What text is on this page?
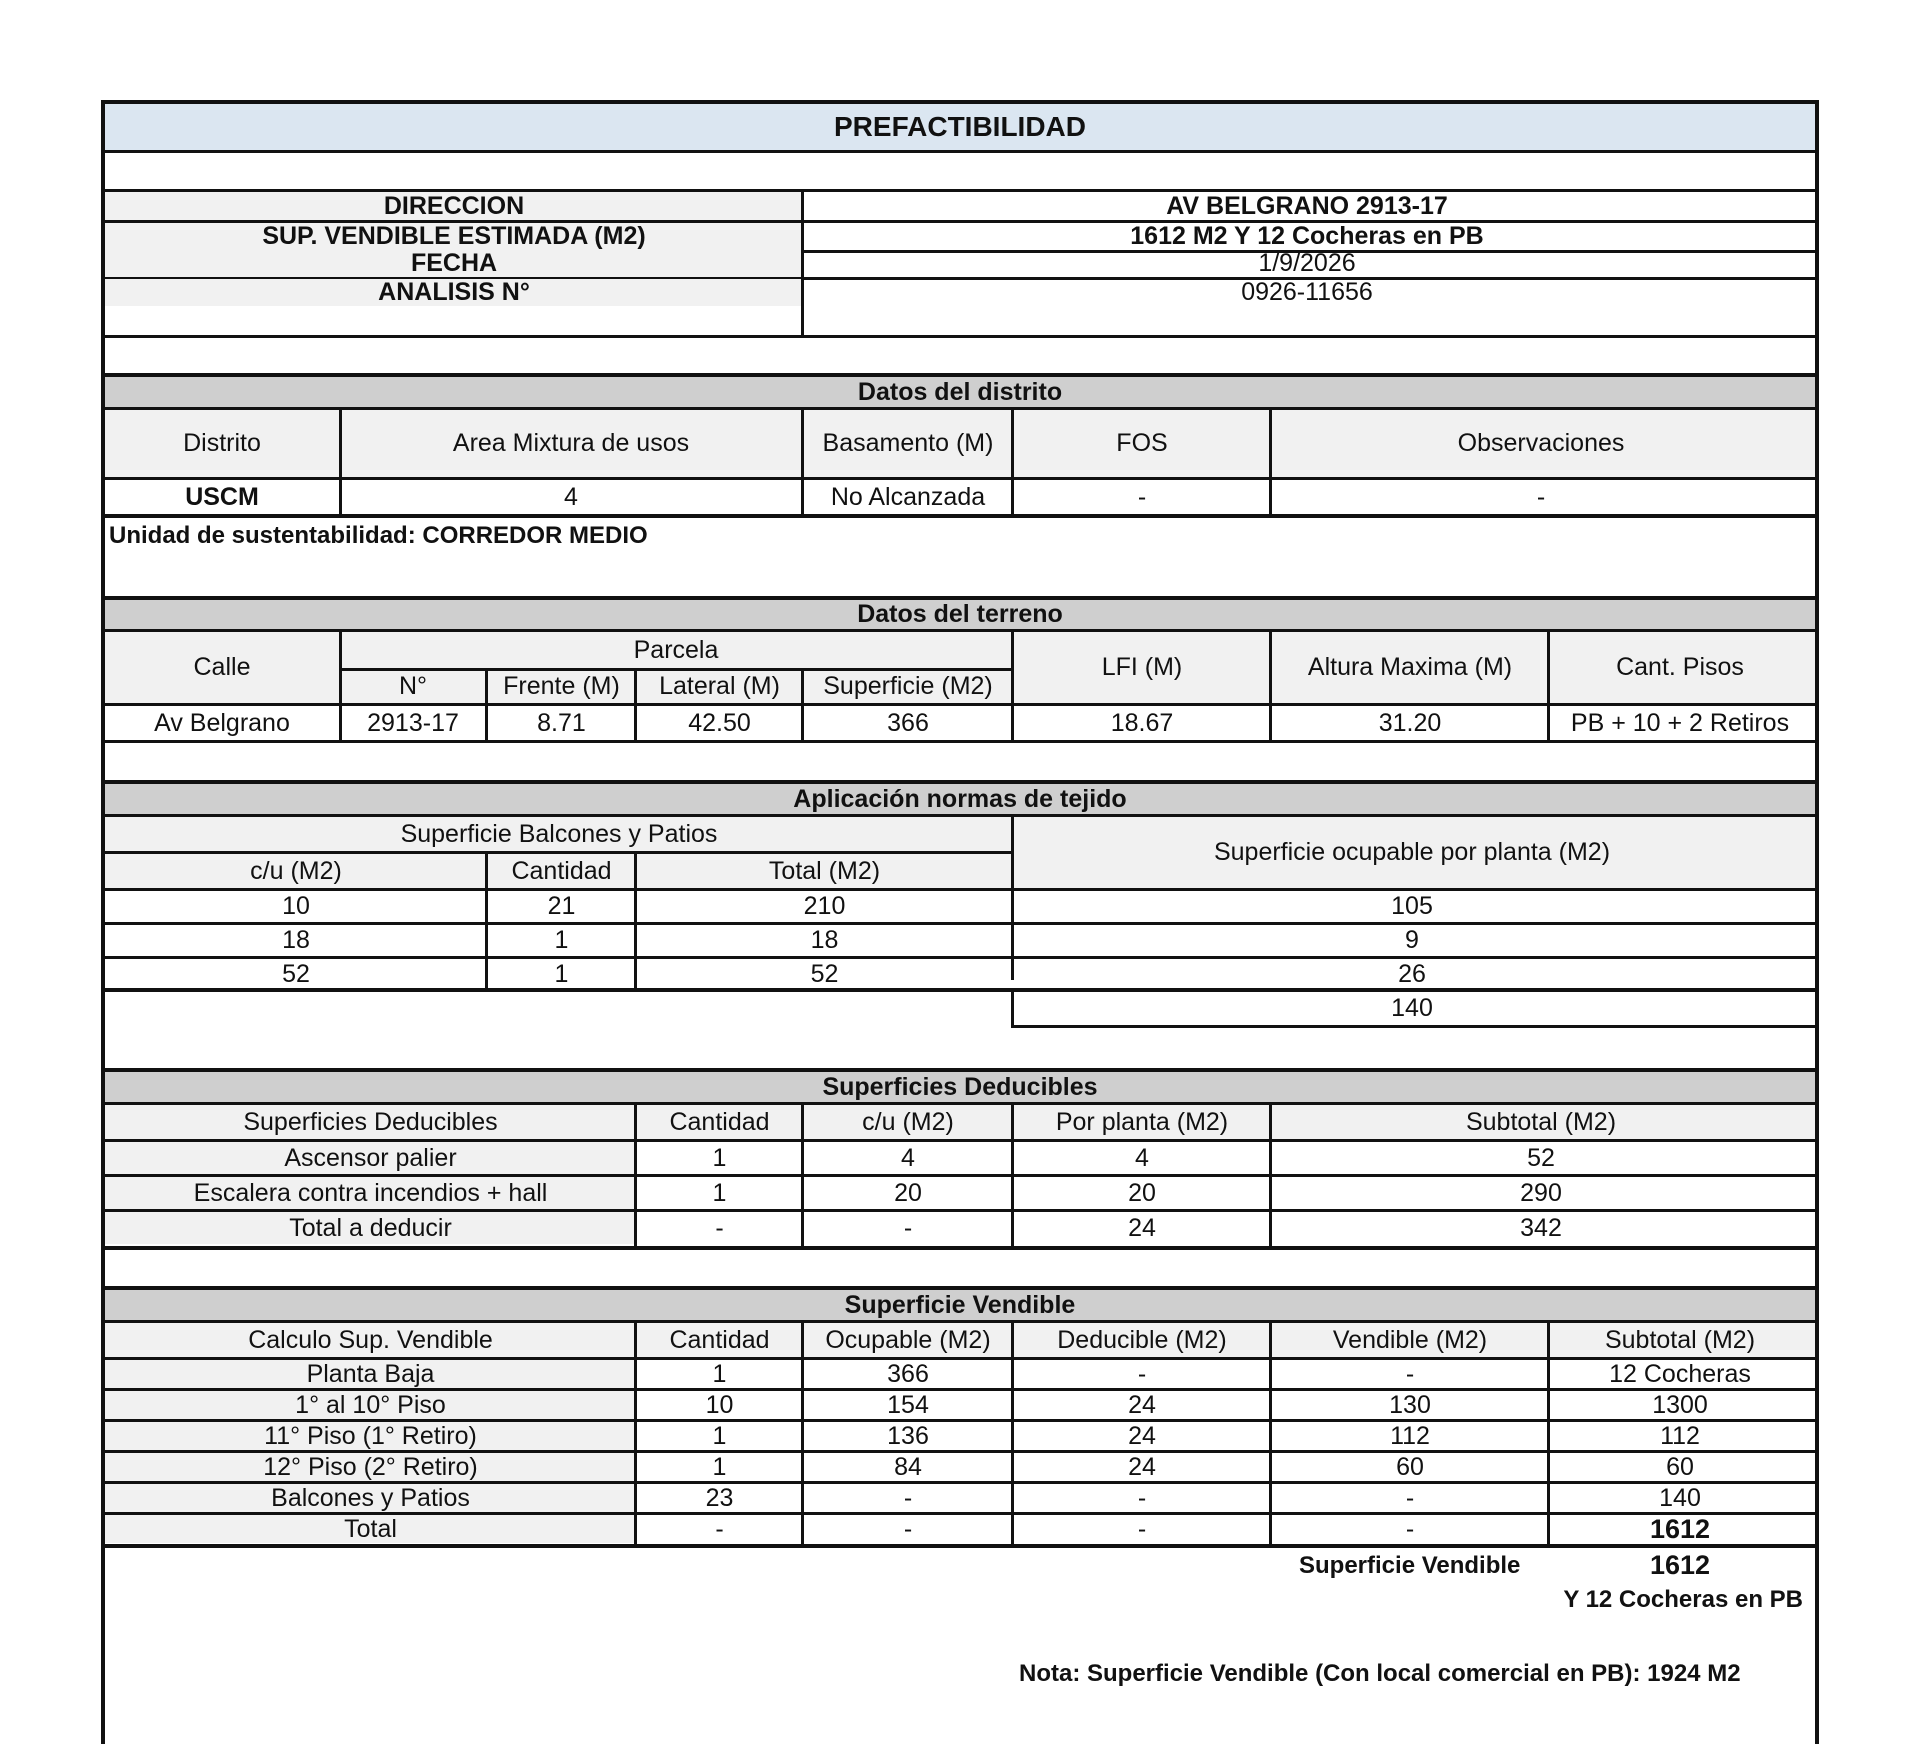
PREFACTIBILIDAD
DIRECCION	AV BELGRANO 2913-17
SUP. VENDIBLE ESTIMADA (M2)	1612 M2 Y 12 Cocheras en PB
FECHA	1/9/2026
ANALISIS N°	0926-11656
Datos del distrito
Distrito	Area Mixtura de usos	Basamento (M)	FOS	Observaciones
USCM	4	No Alcanzada	-	-
Unidad de sustentabilidad: CORREDOR MEDIO
Datos del terreno
Calle
Parcela
N°	Frente (M)	Lateral (M)	Superficie (M2)
LFI (M)	Altura Maxima (M)	Cant. Pisos
Av Belgrano	2913-17	8.71	42.50	366	18.67	31.20	PB + 10 + 2 Retiros
Aplicación normas de tejido
Superficie Balcones y Patios
c/u (M2)	Cantidad	Total (M2)
Superficie ocupable por planta (M2)
10	21	210	105
18	1	18	9
52	1	52	26
140
Superficies Deducibles
Superficies Deducibles	Cantidad	c/u (M2)	Por planta (M2)	Subtotal (M2)
Ascensor palier	1	4	4	52
Escalera contra incendios + hall	1	20	20	290
Total a deducir	-	-	24	342
Superficie Vendible
Calculo Sup. Vendible	Cantidad	Ocupable (M2)	Deducible (M2)	Vendible (M2)	Subtotal (M2)
Planta Baja	1	366	-	-	12 Cocheras
1° al 10° Piso	10	154	24	130	1300
11° Piso (1° Retiro)	1	136	24	112	112
12° Piso (2° Retiro)	1	84	24	60	60
Balcones y Patios	23	-	-	-	140
Total	-	-	-	-	1612
Superficie Vendible	1612
Y 12 Cocheras en PB
Nota: Superficie Vendible (Con local comercial en PB): 1924 M2
